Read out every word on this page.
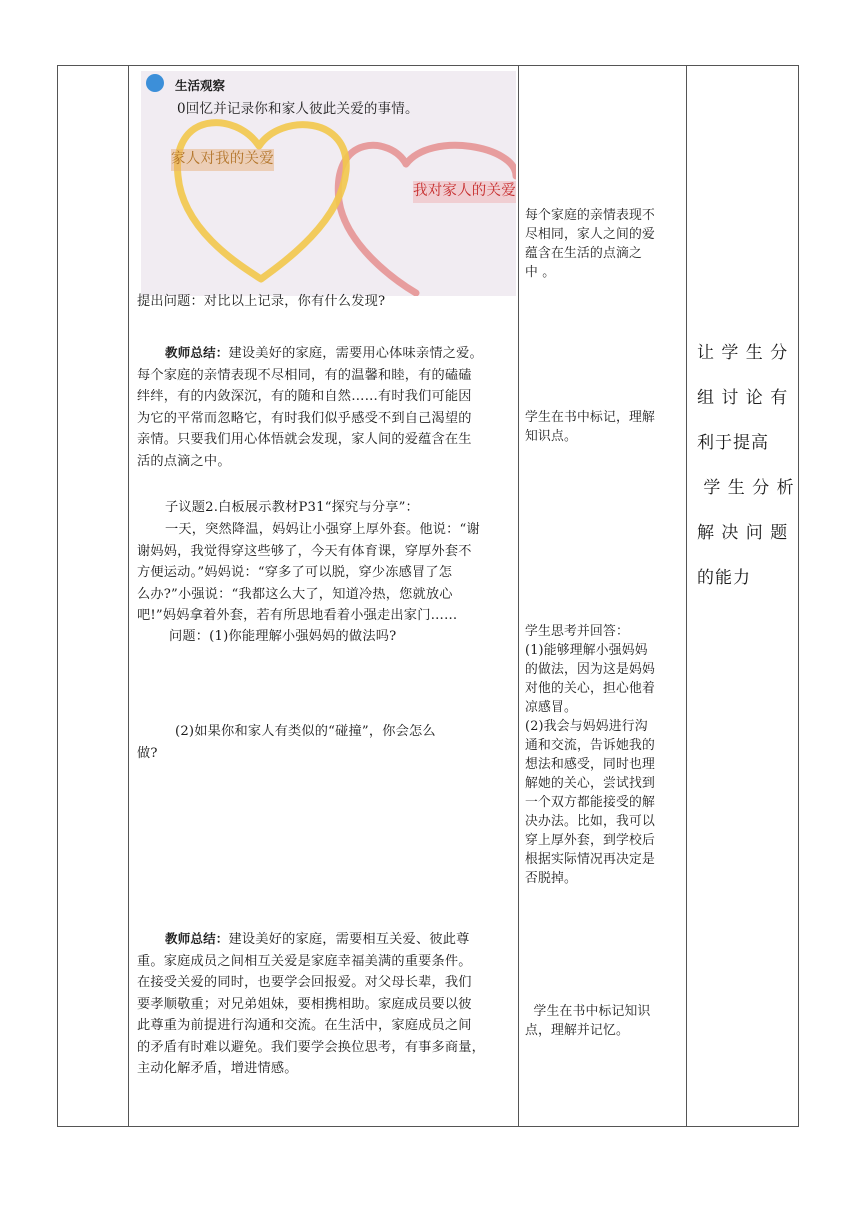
生活观察
0回忆并记录你和家人彼此关爱的事情。
家人对我的关爱
我对家人的关爱
提出问题：对比以上记录，你有什么发现?
教师总结：建设美好的家庭，需要用心体味亲情之爱。
每个家庭的亲情表现不尽相同，有的温馨和睦，有的磕磕
绊绊，有的内敛深沉，有的随和自然……有时我们可能因
为它的平常而忽略它，有时我们似乎感受不到自己渴望的
亲情。只要我们用心体悟就会发现，家人间的爱蕴含在生
活的点滴之中。
子议题2.白板展示教材P31“探究与分享”：
一天，突然降温，妈妈让小强穿上厚外套。他说：“谢
谢妈妈，我觉得穿这些够了，今天有体育课，穿厚外套不
方便运动。”妈妈说：“穿多了可以脱，穿少冻感冒了怎
么办?”小强说：“我都这么大了，知道冷热，您就放心
吧!”妈妈拿着外套，若有所思地看着小强走出家门……
问题：(1)你能理解小强妈妈的做法吗?
(2)如果你和家人有类似的“碰撞”，你会怎么
做?
教师总结：建设美好的家庭，需要相互关爱、彼此尊
重。家庭成员之间相互关爱是家庭幸福美满的重要条件。
在接受关爱的同时，也要学会回报爱。对父母长辈，我们
要孝顺敬重；对兄弟姐妹，要相携相助。家庭成员要以彼
此尊重为前提进行沟通和交流。在生活中，家庭成员之间
的矛盾有时难以避免。我们要学会换位思考，有事多商量，
主动化解矛盾，增进情感。
每个家庭的亲情表现不
尽相同，家人之间的爱
蕴含在生活的点滴之
中 。
学生在书中标记，理解
知识点。
学生思考并回答：
(1)能够理解小强妈妈
的做法，因为这是妈妈
对他的关心，担心他着
凉感冒。
(2)我会与妈妈进行沟
通和交流，告诉她我的
想法和感受，同时也理
解她的关心，尝试找到
一个双方都能接受的解
决办法。比如，我可以
穿上厚外套，到学校后
根据实际情况再决定是
否脱掉。

学生在书中标记知识
点，理解并记忆。

让 学 生 分
组 讨 论 有
利于提高
学 生 分 析
解 决 问 题
的能力
